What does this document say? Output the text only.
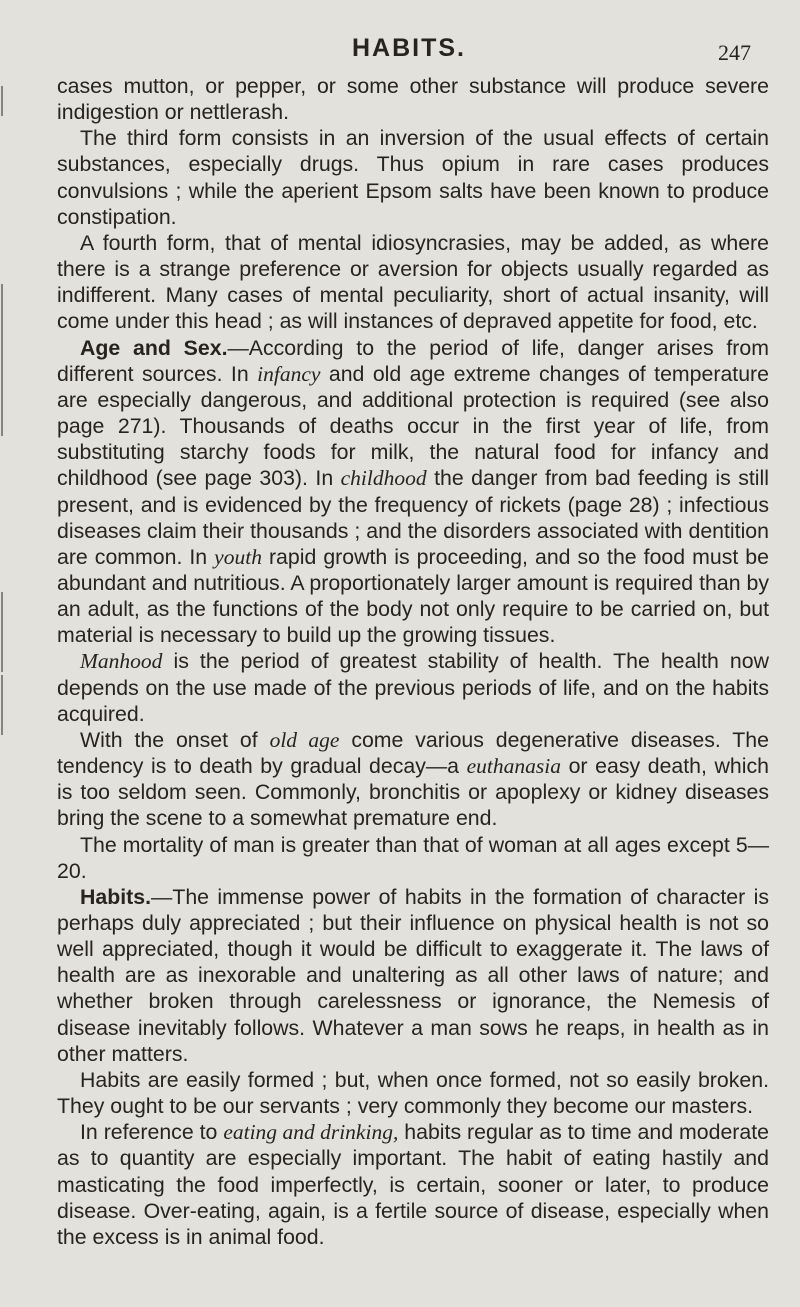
HABITS.	247

cases mutton, or pepper, or some other substance will produce severe indigestion or nettlerash.

The third form consists in an inversion of the usual effects of certain substances, especially drugs. Thus opium in rare cases produces convulsions ; while the aperient Epsom salts have been known to produce constipation.

A fourth form, that of mental idiosyncrasies, may be added, as where there is a strange preference or aversion for objects usually regarded as indifferent. Many cases of mental peculiarity, short of actual insanity, will come under this head ; as will instances of depraved appetite for food, etc.

Age and Sex.—According to the period of life, danger arises from different sources. In infancy and old age extreme changes of temperature are especially dangerous, and additional protection is required (see also page 271). Thousands of deaths occur in the first year of life, from substituting starchy foods for milk, the natural food for infancy and childhood (see page 303). In childhood the danger from bad feeding is still present, and is evidenced by the frequency of rickets (page 28) ; infectious diseases claim their thousands ; and the disorders associated with dentition are common. In youth rapid growth is proceeding, and so the food must be abundant and nutritious. A proportionately larger amount is required than by an adult, as the functions of the body not only require to be carried on, but material is necessary to build up the growing tissues.

Manhood is the period of greatest stability of health. The health now depends on the use made of the previous periods of life, and on the habits acquired.

With the onset of old age come various degenerative diseases. The tendency is to death by gradual decay—a euthanasia or easy death, which is too seldom seen. Commonly, bronchitis or apoplexy or kidney diseases bring the scene to a somewhat premature end.

The mortality of man is greater than that of woman at all ages except 5—20.

Habits.—The immense power of habits in the formation of character is perhaps duly appreciated ; but their influence on physical health is not so well appreciated, though it would be difficult to exaggerate it. The laws of health are as inexorable and unaltering as all other laws of nature; and whether broken through carelessness or ignorance, the Nemesis of disease inevitably follows. Whatever a man sows he reaps, in health as in other matters.

Habits are easily formed ; but, when once formed, not so easily broken. They ought to be our servants ; very commonly they become our masters.

In reference to eating and drinking, habits regular as to time and moderate as to quantity are especially important. The habit of eating hastily and masticating the food imperfectly, is certain, sooner or later, to produce disease. Over-eating, again, is a fertile source of disease, especially when the excess is in animal food.
